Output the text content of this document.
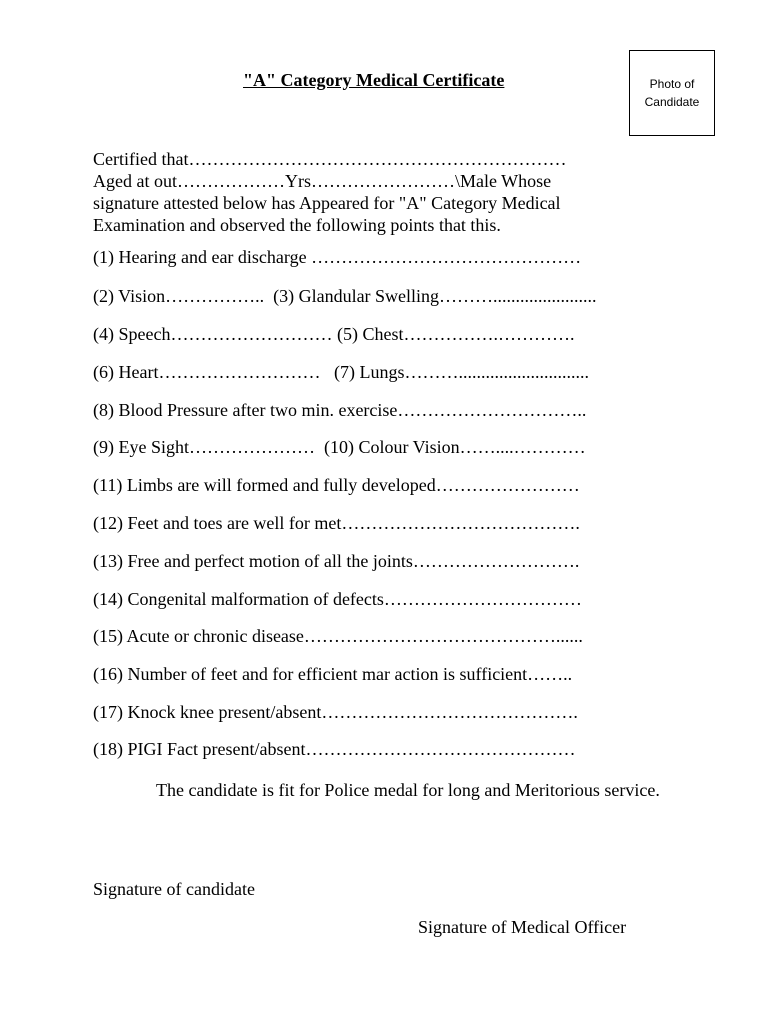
Photo of
Candidate
"A" Category Medical Certificate
Certified that………………………………………………………
Aged at out………………Yrs……………………\Male Whose
signature attested below has Appeared for "A" Category Medical
Examination and observed the following points that this.
(1) Hearing and ear discharge ………………………………………
(2) Vision……………..  (3) Glandular Swelling……….......................
(4) Speech……………………… (5) Chest…………….………….
(6) Heart………………………   (7) Lungs……….............................
(8) Blood Pressure after two min. exercise…………………………..
(9) Eye Sight…………………  (10) Colour Vision……....…………
(11) Limbs are will formed and fully developed……………………
(12) Feet and toes are well for met………………………………….
(13) Free and perfect motion of all the joints……………………….
(14) Congenital malformation of defects……………………………
(15) Acute or chronic disease……………………………………......
(16) Number of feet and for efficient mar action is sufficient……..
(17) Knock knee present/absent…………………………………….
(18) PIGI Fact present/absent………………………………………
The candidate is fit for Police medal for long and Meritorious service.
Signature of candidate
Signature of Medical Officer
